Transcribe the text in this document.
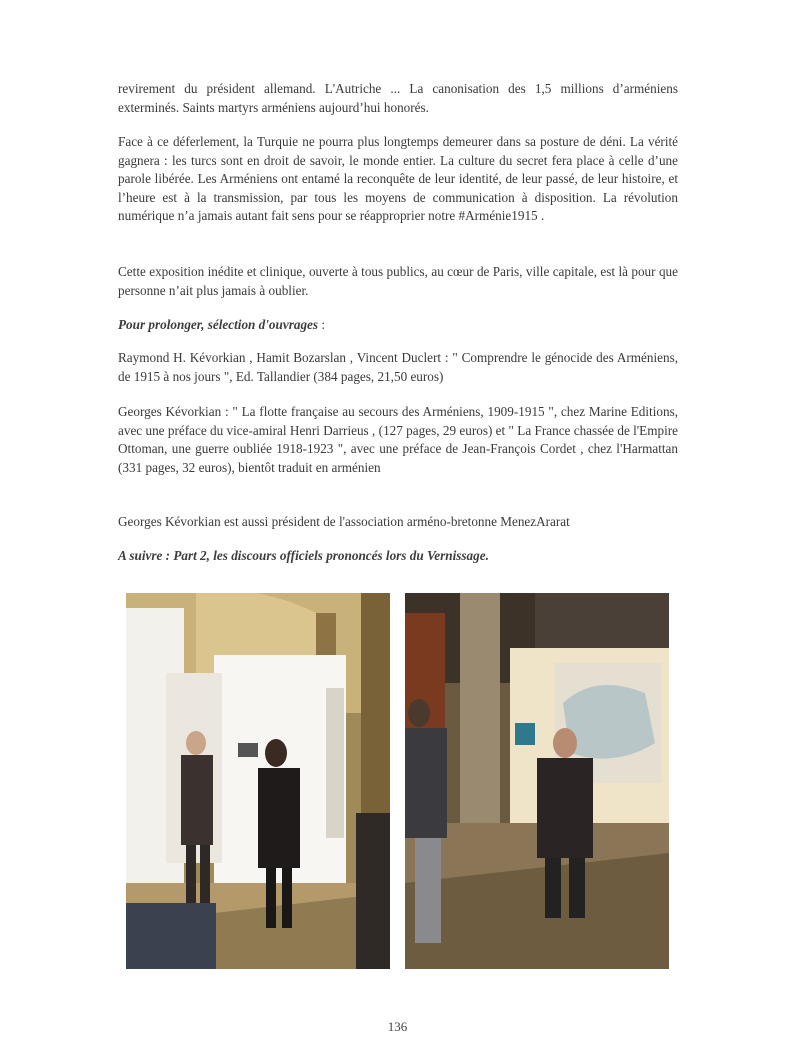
revirement du président allemand. L'Autriche ... La canonisation des 1,5 millions d’arméniens exterminés. Saints martyrs arméniens aujourd’hui honorés.

Face à ce déferlement, la Turquie ne pourra plus longtemps demeurer dans sa posture de déni. La vérité gagnera : les turcs sont en droit de savoir, le monde entier. La culture du secret fera place à celle d’une parole libérée. Les Arméniens ont entamé la reconquête de leur identité, de leur passé, de leur histoire, et l’heure est à la transmission, par tous les moyens de communication à disposition. La révolution numérique n’a jamais autant fait sens pour se réapproprier notre #Arménie1915 .

Cette exposition inédite et clinique, ouverte à tous publics, au cœur de Paris, ville capitale, est là pour que personne n’ait plus jamais à oublier.

Pour prolonger, sélection d'ouvrages :

Raymond H. Kévorkian , Hamit Bozarslan , Vincent Duclert : " Comprendre le génocide des Arméniens, de 1915 à nos jours ", Ed. Tallandier (384 pages, 21,50 euros)

Georges Kévorkian : " La flotte française au secours des Arméniens, 1909-1915 ", chez Marine Editions, avec une préface du vice-amiral Henri Darrieus , (127 pages, 29 euros) et " La France chassée de l'Empire Ottoman, une guerre oubliée 1918-1923 ", avec une préface de Jean-François Cordet , chez l'Harmattan (331 pages, 32 euros), bientôt traduit en arménien

Georges Kévorkian est aussi président de l'association arméno-bretonne MenezArarat

A suivre : Part 2, les discours officiels prononcés lors du Vernissage.

136
